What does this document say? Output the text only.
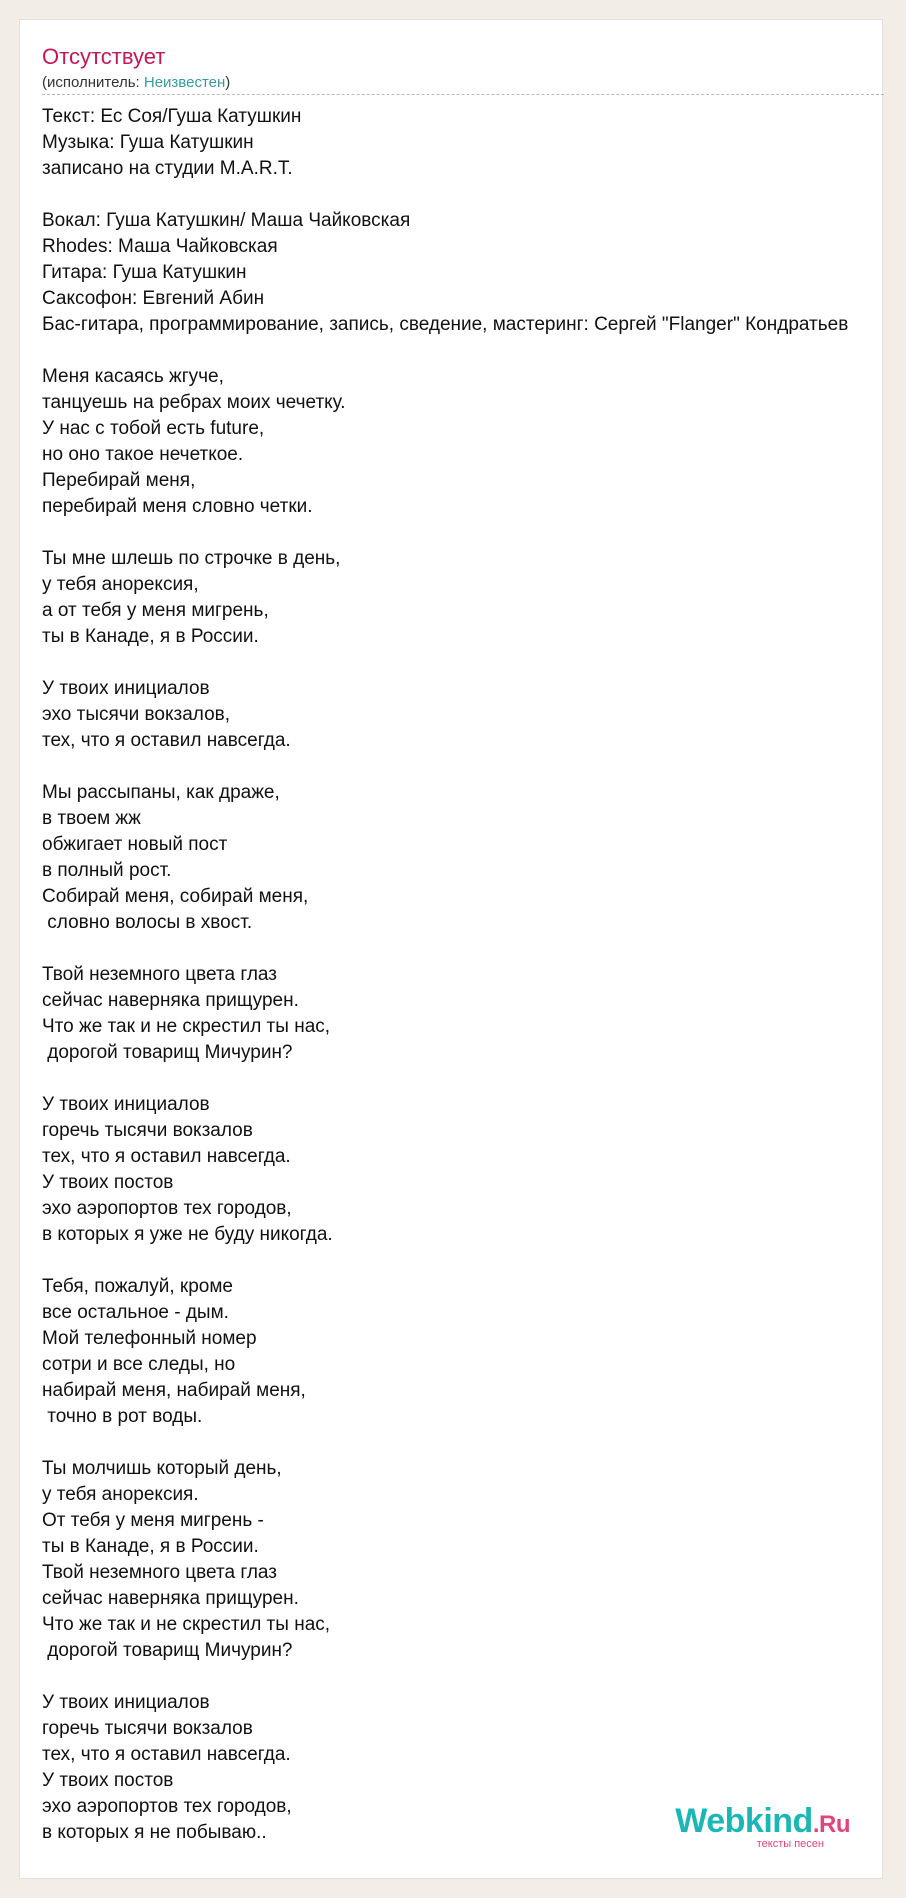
Отсутствует
(исполнитель: Неизвестен)
Текст: Ес Соя/Гуша Катушкин
Музыка: Гуша Катушкин
записано на студии M.A.R.T.

Вокал: Гуша Катушкин/ Маша Чайковская
Rhodes: Маша Чайковская
Гитара: Гуша Катушкин
Саксофон: Евгений Абин
Бас-гитара, программирование, запись, сведение, мастеринг: Сергей "Flanger" Кондратьев

Меня касаясь жгуче,
танцуешь на ребрах моих чечетку.
У нас с тобой есть future,
но оно такое нечеткое.
Перебирай меня,
перебирай меня словно четки.

Ты мне шлешь по строчке в день,
у тебя анорексия,
а от тебя у меня мигрень,
ты в Канаде, я в России.

У твоих инициалов
эхо тысячи вокзалов,
тех, что я оставил навсегда.

Мы рассыпаны, как драже,
в твоем жж
обжигает новый пост
в полный рост.
Собирай меня, собирай меня,
словно волосы в хвост.

Твой неземного цвета глаз
сейчас наверняка прищурен.
Что же так и не скрестил ты нас,
дорогой товарищ Мичурин?

У твоих инициалов
горечь тысячи вокзалов
тех, что я оставил навсегда.
У твоих постов
эхо аэропортов тех городов,
в которых я уже не буду никогда.

Тебя, пожалуй, кроме
все остальное - дым.
Мой телефонный номер
сотри и все следы, но
набирай меня, набирай меня,
точно в рот воды.

Ты молчишь который день,
у тебя анорексия.
От тебя у меня мигрень -
ты в Канаде, я в России.
Твой неземного цвета глаз
сейчас наверняка прищурен.
Что же так и не скрестил ты нас,
дорогой товарищ Мичурин?

У твоих инициалов
горечь тысячи вокзалов
тех, что я оставил навсегда.
У твоих постов
эхо аэропортов тех городов,
в которых я не побываю..	Webkind.Ru
тексты песен
